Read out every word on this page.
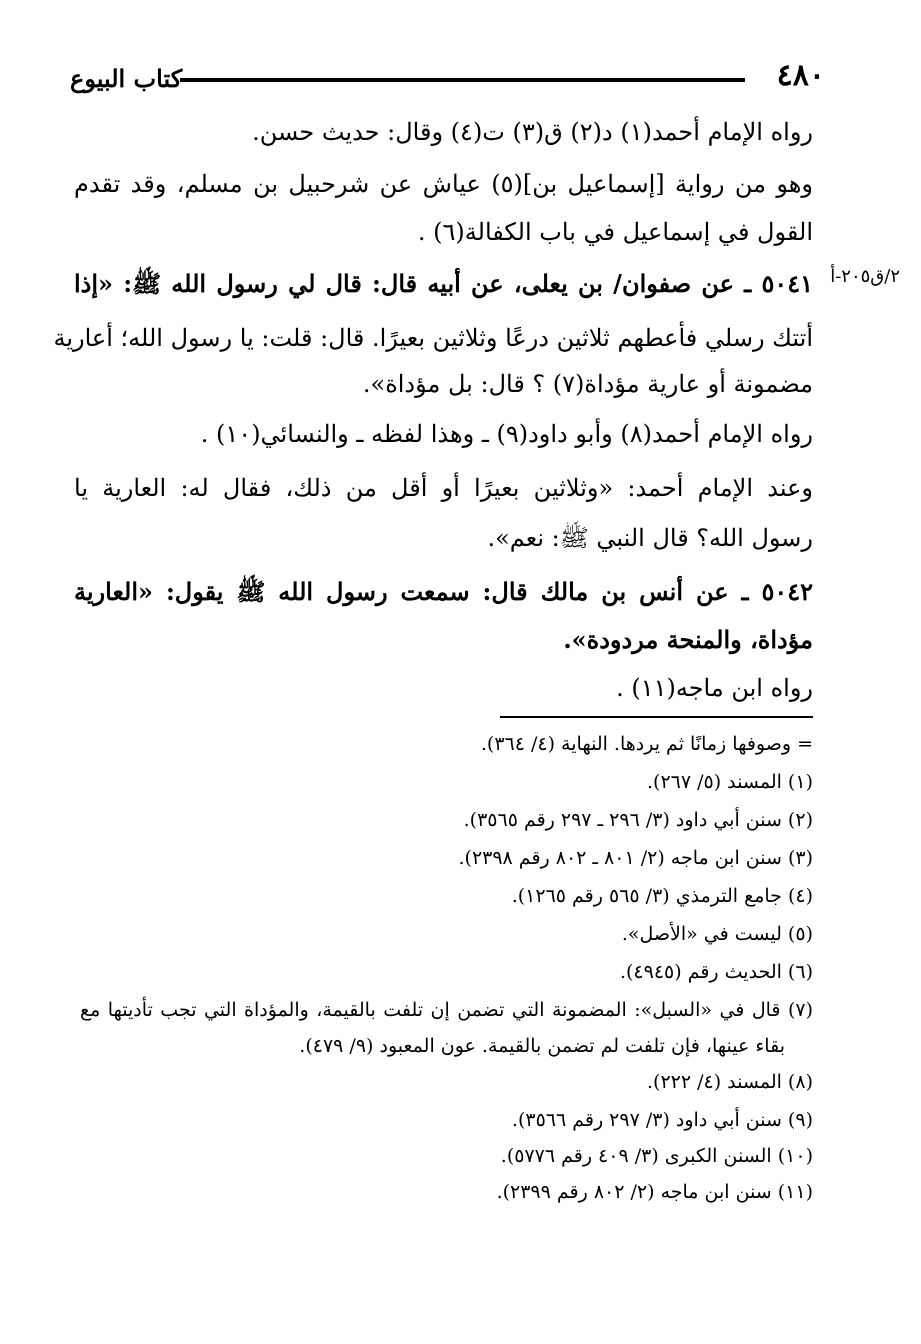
٤٨٠
كتاب البيوع
٢/ق٢٠٥-أ
رواه الإمام أحمد(١) د(٢) ق(٣) ت(٤) وقال: حديث حسن.
وهو من رواية [إسماعيل بن](٥) عياش عن شرحبيل بن مسلم، وقد تقدم
القول في إسماعيل في باب الكفالة(٦) .
٥٠٤١ ـ عن صفوان/ بن يعلى، عن أبيه قال: قال لي رسول الله ﷺ: «إذا
أتتك رسلي فأعطهم ثلاثين درعًا وثلاثين بعيرًا. قال: قلت: يا رسول الله؛ أعارية
مضمونة أو عارية مؤداة(٧) ؟ قال: بل مؤداة».
رواه الإمام أحمد(٨) وأبو داود(٩) ـ وهذا لفظه ـ والنسائي(١٠) .
وعند الإمام أحمد: «وثلاثين بعيرًا أو أقل من ذلك، فقال له: العارية يا
رسول الله؟ قال النبي ﷺ: نعم».
٥٠٤٢ ـ عن أنس بن مالك قال: سمعت رسول الله ﷺ يقول: «العارية
مؤداة، والمنحة مردودة».
رواه ابن ماجه(١١) .
= وصوفها زمانًا ثم يردها. النهاية (٤/ ٣٦٤).
(١) المسند (٥/ ٢٦٧).
(٢) سنن أبي داود (٣/ ٢٩٦ ـ ٢٩٧ رقم ٣٥٦٥).
(٣) سنن ابن ماجه (٢/ ٨٠١ ـ ٨٠٢ رقم ٢٣٩٨).
(٤) جامع الترمذي (٣/ ٥٦٥ رقم ١٢٦٥).
(٥) ليست في «الأصل».
(٦) الحديث رقم (٤٩٤٥).
(٧) قال في «السبل»: المضمونة التي تضمن إن تلفت بالقيمة، والمؤداة التي تجب تأديتها مع
بقاء عينها، فإن تلفت لم تضمن بالقيمة. عون المعبود (٩/ ٤٧٩).
(٨) المسند (٤/ ٢٢٢).
(٩) سنن أبي داود (٣/ ٢٩٧ رقم ٣٥٦٦).
(١٠) السنن الكبرى (٣/ ٤٠٩ رقم ٥٧٧٦).
(١١) سنن ابن ماجه (٢/ ٨٠٢ رقم ٢٣٩٩).
